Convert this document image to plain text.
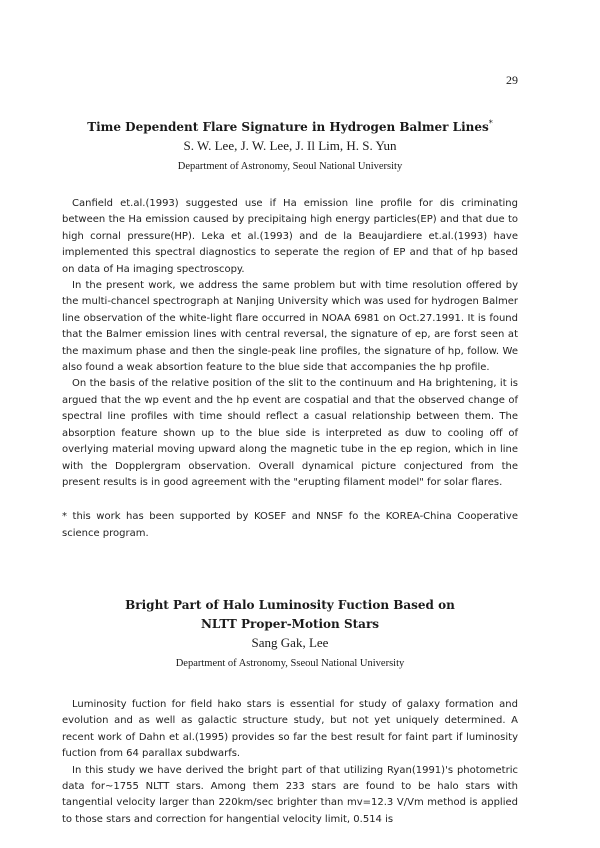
29
Time Dependent Flare Signature in Hydrogen Balmer Lines*

S. W. Lee, J. W. Lee, J. Il Lim, H. S. Yun

Department of Astronomy, Seoul National University

Canfield et.al.(1993) suggested use if Ha emission line profile for dis criminating between the Ha emission caused by precipitaing high energy particles(EP) and that due to high cornal pressure(HP). Leka et al.(1993) and de la Beaujardiere et.al.(1993) have implemented this spectral diagnostics to seperate the region of EP and that of hp based on data of Ha imaging spectroscopy.

In the present work, we address the same problem but with time resolution offered by the multi-chancel spectrograph at Nanjing University which was used for hydrogen Balmer line observation of the white-light flare occurred in NOAA 6981 on Oct.27.1991. It is found that the Balmer emission lines with central reversal, the signature of ep, are forst seen at the maximum phase and then the single-peak line profiles, the signature of hp, follow. We also found a weak absortion feature to the blue side that accompanies the hp profile.

On the basis of the relative position of the slit to the continuum and Ha brightening, it is argued that the wp event and the hp event are cospatial and that the observed change of spectral line profiles with time should reflect a casual relationship between them. The absorption feature shown up to the blue side is interpreted as duw to cooling off of overlying material moving upward along the magnetic tube in the ep region, which in line with the Dopplergram observation. Overall dynamical picture conjectured from the present results is in good agreement with the "erupting filament model" for solar flares.

* this work has been supported by KOSEF and NNSF fo the KOREA-China Cooperative science program.
Bright Part of Halo Luminosity Fuction Based on
NLTT Proper-Motion Stars

Sang Gak, Lee

Department of Astronomy, Sseoul National University

Luminosity fuction for field hako stars is essential for study of galaxy formation and evolution and as well as galactic structure study, but not yet uniquely determined. A recent work of Dahn et al.(1995) provides so far the best result for faint part if luminosity fuction from 64 parallax subdwarfs.

In this study we have derived the bright part of that utilizing Ryan(1991)'s photometric data for~1755 NLTT stars. Among them 233 stars are found to be halo stars with tangential velocity larger than 220km/sec brighter than mv=12.3 V/Vm method is applied to those stars and correction for hangential velocity limit, 0.514 is
